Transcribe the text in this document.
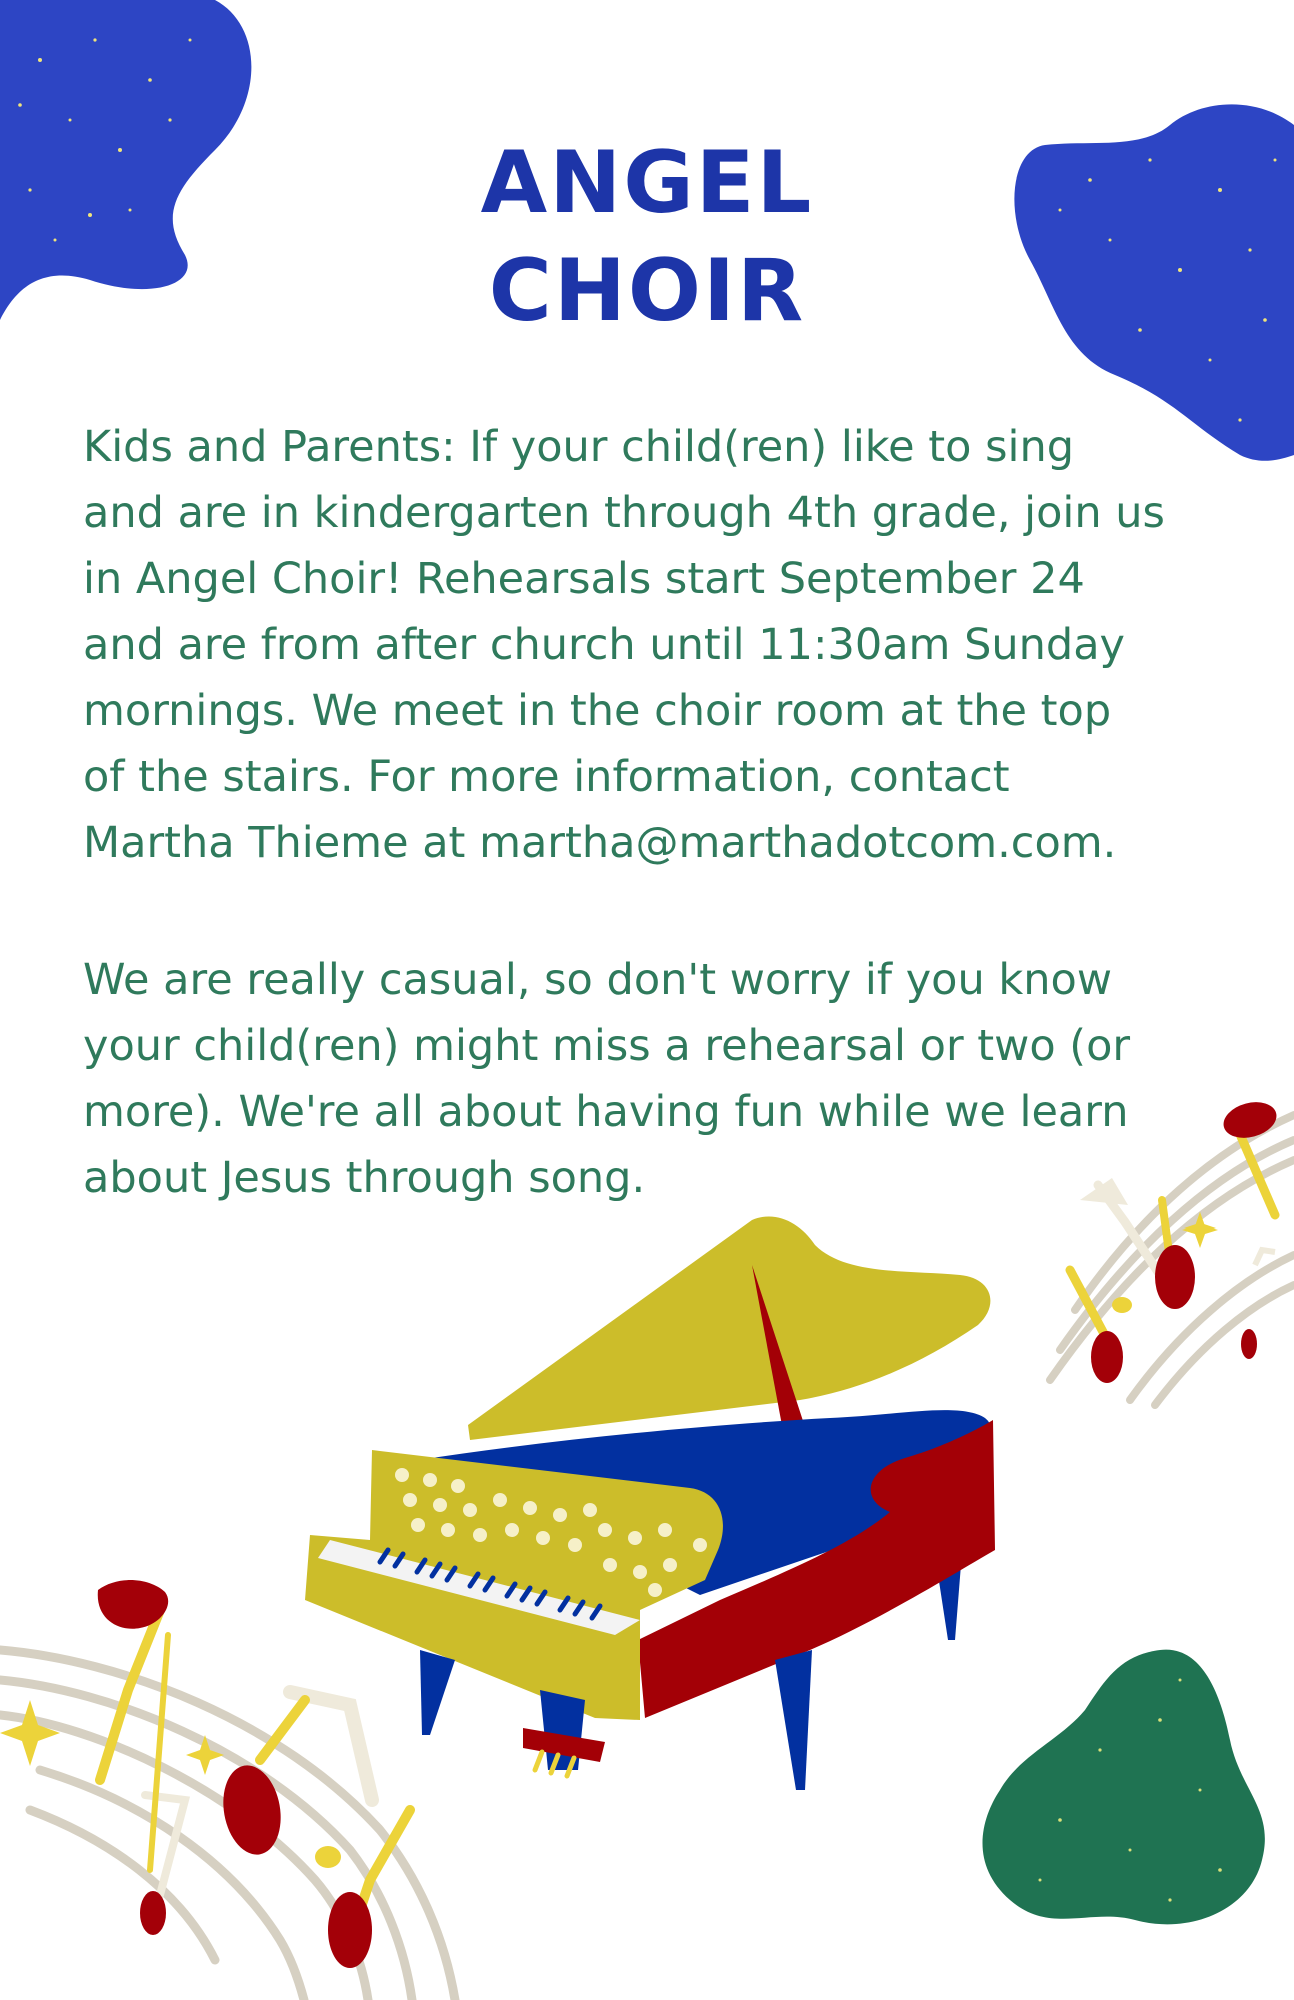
ANGEL
CHOIR
Kids and Parents: If your child(ren) like to sing
and are in kindergarten through 4th grade, join us
in Angel Choir! Rehearsals start September 24
and are from after church until 11:30am Sunday
mornings. We meet in the choir room at the top
of the stairs. For more information, contact
Martha Thieme at martha@marthadotcom.com.
We are really casual, so don't worry if you know
your child(ren) might miss a rehearsal or two (or
more). We're all about having fun while we learn
about Jesus through song.
